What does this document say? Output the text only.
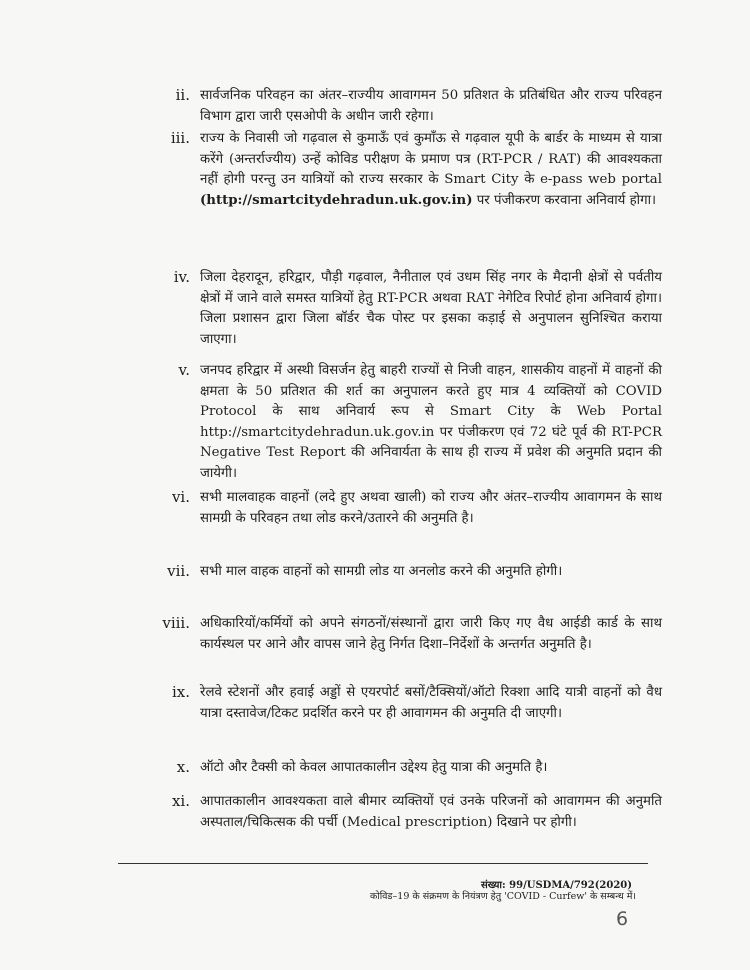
ii. सार्वजनिक परिवहन का अंतर–राज्यीय आवागमन 50 प्रतिशत के प्रतिबंधित और राज्य परिवहन विभाग द्वारा जारी एसओपी के अधीन जारी रहेगा।
iii. राज्य के निवासी जो गढ़वाल से कुमाऊँ एवं कुमाँऊ से गढ़वाल यूपी के बार्डर के माध्यम से यात्रा करेंगे (अन्तर्राज्यीय) उन्हें कोविड परीक्षण के प्रमाण पत्र (RT-PCR / RAT) की आवश्यकता नहीं होगी परन्तु उन यात्रियों को राज्य सरकार के Smart City के e-pass web portal (http://smartcitydehradun.uk.gov.in) पर पंजीकरण करवाना अनिवार्य होगा।
iv. जिला देहरादून, हरिद्वार, पौड़ी गढ़वाल, नैनीताल एवं उधम सिंह नगर के मैदानी क्षेत्रों से पर्वतीय क्षेत्रों में जाने वाले समस्त यात्रियों हेतु RT-PCR अथवा RAT नेगेटिव रिपोर्ट होना अनिवार्य होगा। जिला प्रशासन द्वारा जिला बॉर्डर चैक पोस्ट पर इसका कड़ाई से अनुपालन सुनिश्चित कराया जाएगा।
v. जनपद हरिद्वार में अस्थी विसर्जन हेतु बाहरी राज्यों से निजी वाहन, शासकीय वाहनों में वाहनों की क्षमता के 50 प्रतिशत की शर्त का अनुपालन करते हुए मात्र 4 व्यक्तियों को COVID Protocol के साथ अनिवार्य रूप से Smart City के Web Portal http://smartcitydehradun.uk.gov.in पर पंजीकरण एवं 72 घंटे पूर्व की RT-PCR Negative Test Report की अनिवार्यता के साथ ही राज्य में प्रवेश की अनुमति प्रदान की जायेगी।
vi. सभी मालवाहक वाहनों (लदे हुए अथवा खाली) को राज्य और अंतर–राज्यीय आवागमन के साथ सामग्री के परिवहन तथा लोड करने/उतारने की अनुमति है।
vii. सभी माल वाहक वाहनों को सामग्री लोड या अनलोड करने की अनुमति होगी।
viii. अधिकारियों/कर्मियों को अपने संगठनों/संस्थानों द्वारा जारी किए गए वैध आईडी कार्ड के साथ कार्यस्थल पर आने और वापस जाने हेतु निर्गत दिशा–निर्देशों के अन्तर्गत अनुमति है।
ix. रेलवे स्टेशनों और हवाई अड्डों से एयरपोर्ट बसों/टैक्सियों/ऑटो रिक्शा आदि यात्री वाहनों को वैध यात्रा दस्तावेज/टिकट प्रदर्शित करने पर ही आवागमन की अनुमति दी जाएगी।
x. ऑटो और टैक्सी को केवल आपातकालीन उद्देश्य हेतु यात्रा की अनुमति है।
xi. आपातकालीन आवश्यकता वाले बीमार व्यक्तियों एवं उनके परिजनों को आवागमन की अनुमति अस्पताल/चिकित्सक की पर्ची (Medical prescription) दिखाने पर होगी।
संख्या: 99/USDMA/792(2020)
कोविड–19 के संक्रमण के नियंत्रण हेतु 'COVID - Curfew' के सम्बन्ध में।
6
